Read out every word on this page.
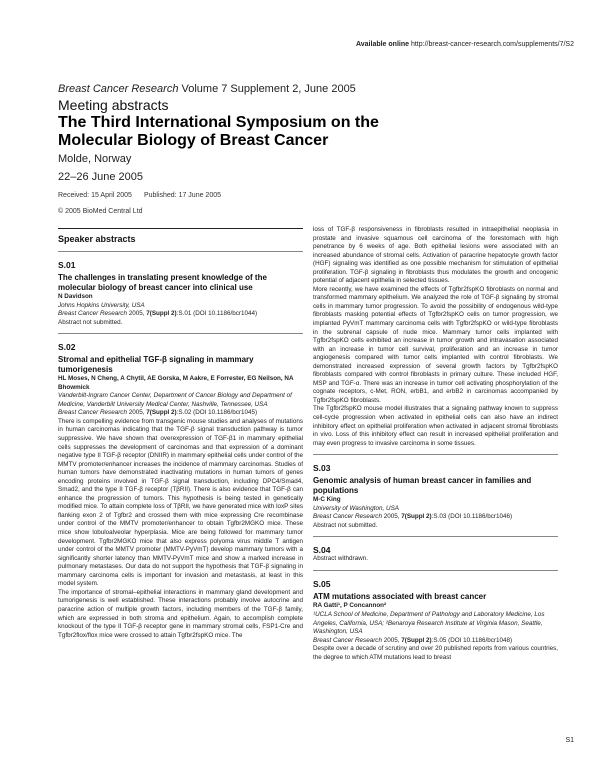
Available online http://breast-cancer-research.com/supplements/7/S2
Breast Cancer Research Volume 7 Supplement 2, June 2005
Meeting abstracts
The Third International Symposium on the
Molecular Biology of Breast Cancer
Molde, Norway
22–26 June 2005
Received: 15 April 2005 Published: 17 June 2005
© 2005 BioMed Central Ltd
Speaker abstracts
S.01
The challenges in translating present knowledge of the molecular biology of breast cancer into clinical use
N Davidson
Johns Hopkins University, USA
Breast Cancer Research 2005, 7(Suppl 2):S.01 (DOI 10.1186/bcr1044)
Abstract not submitted.
S.02
Stromal and epithelial TGF-β signaling in mammary tumorigenesis
HL Moses, N Cheng, A Chytil, AE Gorska, M Aakre, E Forrester, EG Neilson, NA Bhowmick
Vanderbilt-Ingram Cancer Center, Department of Cancer Biology and Department of Medicine, Vanderbilt University Medical Center, Nashville, Tennessee, USA
Breast Cancer Research 2005, 7(Suppl 2):S.02 (DOI 10.1186/bcr1045)

There is compelling evidence from transgenic mouse studies and analyses of mutations in human carcinomas indicating that the TGF-β signal transduction pathway is tumor suppressive. We have shown that overexpression of TGF-β1 in mammary epithelial cells suppresses the development of carcinomas and that expression of a dominant negative type II TGF-β receptor (DNIIR) in mammary epithelial cells under control of the MMTV promoter/enhancer increases the incidence of mammary carcinomas. Studies of human tumors have demonstrated inactivating mutations in human tumors of genes encoding proteins involved in TGF-β signal transduction, including DPC4/Smad4, Smad2, and the type II TGF-β receptor (TβRII). There is also evidence that TGF-β can enhance the progression of tumors. This hypothesis is being tested in genetically modified mice. To attain complete loss of TβRII, we have generated mice with loxP sites flanking exon 2 of Tgfbr2 and crossed them with mice expressing Cre recombinase under control of the MMTV promoter/enhancer to obtain Tgfbr2MGKO mice. These mice show lobuloalveolar hyperplasia. Mice are being followed for mammary tumor development. Tgfbr2MGKO mice that also express polyoma virus middle T antigen under control of the MMTV promoter (MMTV-PyVmT) develop mammary tumors with a significantly shorter latency than MMTV-PyVmT mice and show a marked increase in pulmonary metastases. Our data do not support the hypothesis that TGF-β signaling in mammary carcinoma cells is important for invasion and metastasis, at least in this model system.

The importance of stromal–epithelial interactions in mammary gland development and tumorigenesis is well established. These interactions probably involve autocrine and paracrine action of multiple growth factors, including members of the TGF-β family, which are expressed in both stroma and epithelium. Again, to accomplish complete knockout of the type II TGF-β receptor gene in mammary stromal cells, FSP1-Cre and Tgfbr2flox/flox mice were crossed to attain Tgfbr2fspKO mice. The

loss of TGF-β responsiveness in fibroblasts resulted in intraepithelial neoplasia in prostate and invasive squamous cell carcinoma of the forestomach with high penetrance by 6 weeks of age. Both epithelial lesions were associated with an increased abundance of stromal cells. Activation of paracrine hepatocyte growth factor (HGF) signaling was identified as one possible mechanism for stimulation of epithelial proliferation. TGF-β signaling in fibroblasts thus modulates the growth and oncogenic potential of adjacent epithelia in selected tissues.

More recently, we have examined the effects of Tgfbr2fspKO fibroblasts on normal and transformed mammary epithelium. We analyzed the role of TGF-β signaling by stromal cells in mammary tumor progression. To avoid the possibility of endogenous wild-type fibroblasts masking potential effects of Tgfbr2fspKO cells on tumor progression, we implanted PyVmT mammary carcinoma cells with Tgfbr2fspKO or wild-type fibroblasts in the subrenal capsule of nude mice. Mammary tumor cells implanted with Tgfbr2fspKO cells exhibited an increase in tumor growth and intravasation associated with an increase in tumor cell survival, proliferation and an increase in tumor angiogenesis compared with tumor cells implanted with control fibroblasts. We demonstrated increased expression of several growth factors by Tgfbr2fspKO fibroblasts compared with control fibroblasts in primary culture. These included HGF, MSP and TGF-α. There was an increase in tumor cell activating phosphorylation of the cognate receptors, c-Met, RON, erbB1, and erbB2 in carcinomas accompanied by Tgfbr2fspKO fibroblasts.

The Tgfbr2fspKO mouse model illustrates that a signaling pathway known to suppress cell-cycle progression when activated in epithelial cells can also have an indirect inhibitory effect on epithelial proliferation when activated in adjacent stromal fibroblasts in vivo. Loss of this inhibitory effect can result in increased epithelial proliferation and may even progress to invasive carcinoma in some tissues.

S.03
Genomic analysis of human breast cancer in families and populations
M-C King
University of Washington, USA
Breast Cancer Research 2005, 7(Suppl 2):S.03 (DOI 10.1186/bcr1046)
Abstract not submitted.
S.04
Abstract withdrawn.
S.05
ATM mutations associated with breast cancer
RA Gatti¹, P Concannon²
¹UCLA School of Medicine, Department of Pathology and Laboratory Medicine, Los Angeles, California, USA; ²Benaroya Research Institute at Virginia Mason, Seattle, Washington, USA
Breast Cancer Research 2005, 7(Suppl 2):S.05 (DOI 10.1186/bcr1048)

Despite over a decade of scrutiny and over 20 published reports from various countries, the degree to which ATM mutations lead to breast

S1
